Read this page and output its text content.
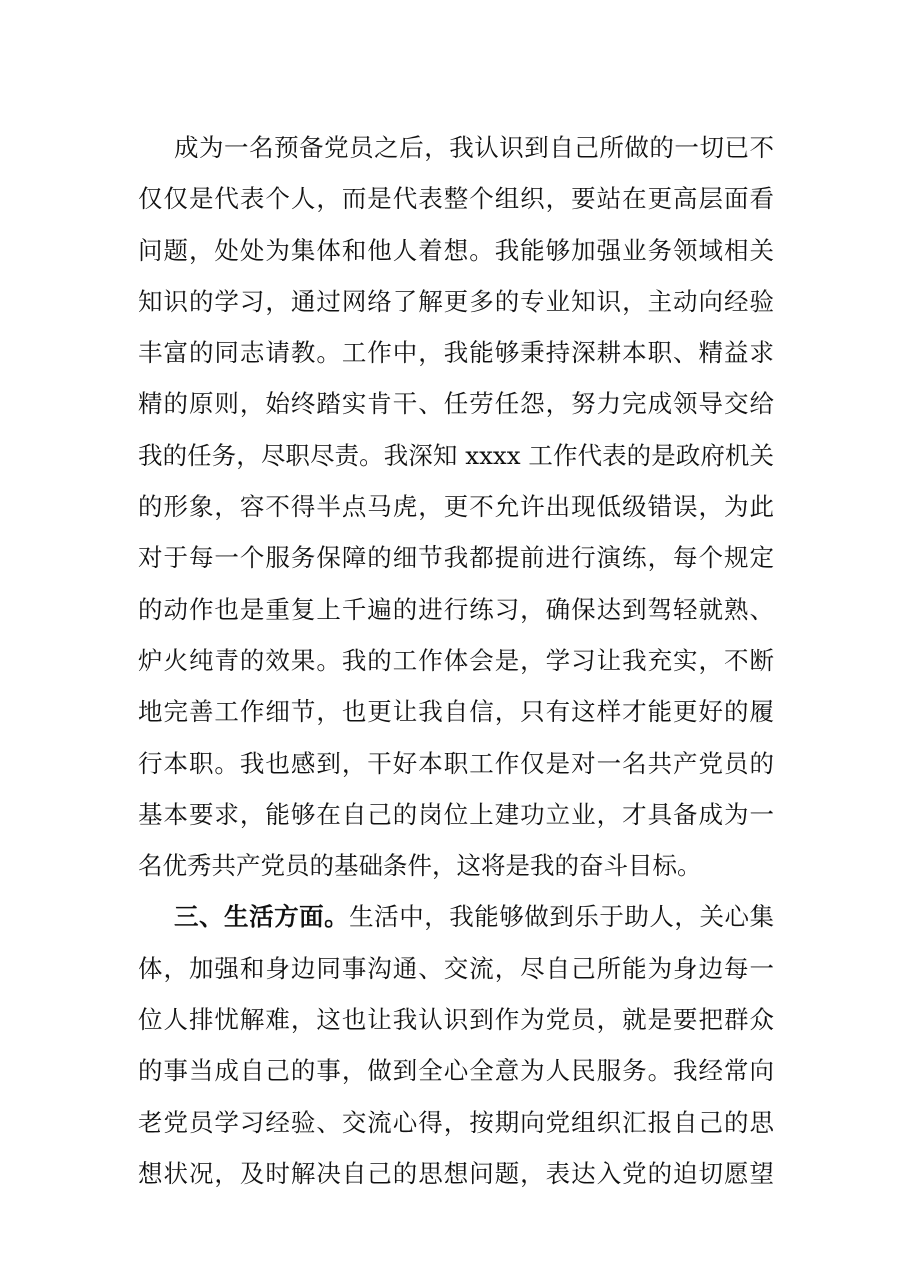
成为一名预备党员之后，我认识到自己所做的一切已不
仅仅是代表个人，而是代表整个组织，要站在更高层面看
问题，处处为集体和他人着想。我能够加强业务领域相关
知识的学习，通过网络了解更多的专业知识，主动向经验
丰富的同志请教。工作中，我能够秉持深耕本职、精益求
精的原则，始终踏实肯干、任劳任怨，努力完成领导交给
我的任务，尽职尽责。我深知 xxxx 工作代表的是政府机关
的形象，容不得半点马虎，更不允许出现低级错误，为此
对于每一个服务保障的细节我都提前进行演练，每个规定
的动作也是重复上千遍的进行练习，确保达到驾轻就熟、
炉火纯青的效果。我的工作体会是，学习让我充实，不断
地完善工作细节，也更让我自信，只有这样才能更好的履
行本职。我也感到，干好本职工作仅是对一名共产党员的
基本要求，能够在自己的岗位上建功立业，才具备成为一
名优秀共产党员的基础条件，这将是我的奋斗目标。
三、生活方面。生活中，我能够做到乐于助人，关心集
体，加强和身边同事沟通、交流，尽自己所能为身边每一
位人排忧解难，这也让我认识到作为党员，就是要把群众
的事当成自己的事，做到全心全意为人民服务。我经常向
老党员学习经验、交流心得，按期向党组织汇报自己的思
想状况，及时解决自己的思想问题，表达入党的迫切愿望
